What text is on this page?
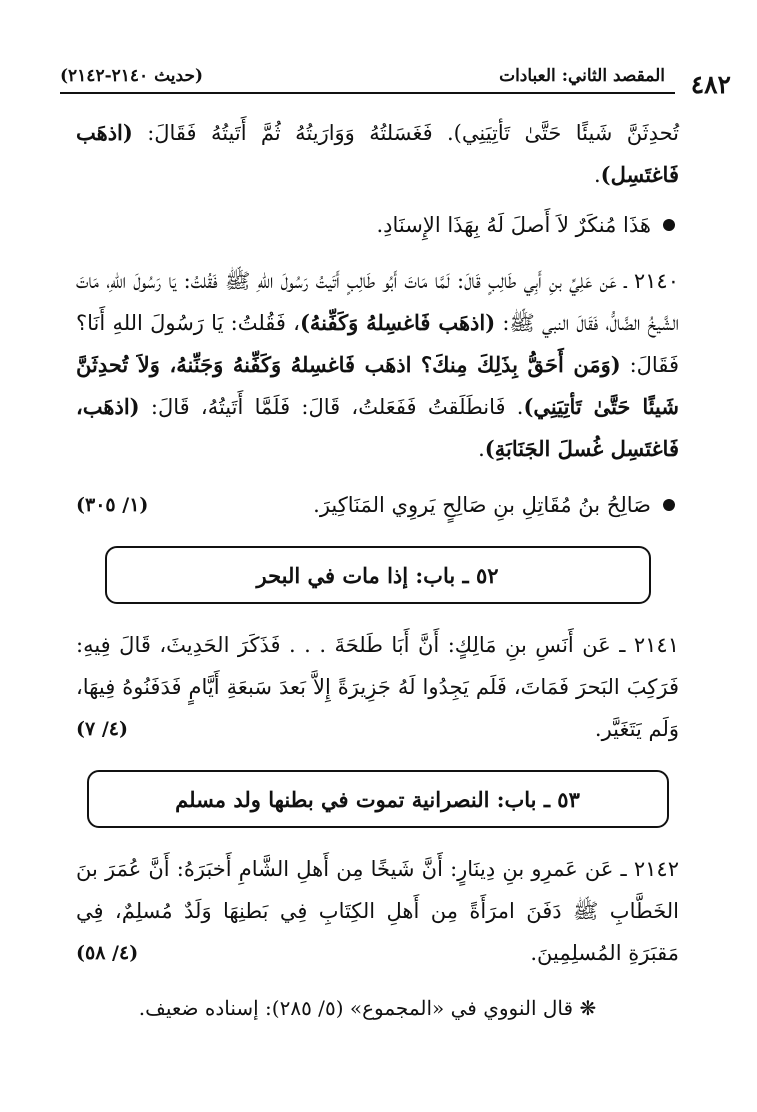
٤٨٢
المقصد الثاني: العبادات
(حديث ٢١٤٠-٢١٤٢)

تُحدِثَنَّ شَيئًا حَتَّىٰ تَأتِيَنِي). فَغَسَلتُهُ وَوَارَيتُهُ ثُمَّ أَتَيتُهُ فَقَالَ: (اذهَب فَاغتَسِل).

هَذَا مُنكَرٌ لاَ أَصلَ لَهُ بِهَذَا الإِسنَادِ.

٢١٤٠ ـ عَن عَلِيِّ بنِ أَبِي طَالِبٍ قَالَ: لَمَّا مَاتَ أَبُو طَالِبٍ أَتَيتُ رَسُولَ اللهِ ﷺ فَقُلتُ: يَا رَسُولَ اللهِ، مَاتَ الشَّيخُ الضَّالُّ، فَقَالَ النبي ﷺ: (اذهَب فَاغسِلهُ وَكَفِّنهُ)، فَقُلتُ: يَا رَسُولَ اللهِ أَنَا؟ فَقَالَ: (وَمَن أَحَقُّ بِذَلِكَ مِنكَ؟ اذهَب فَاغسِلهُ وَكَفِّنهُ وَجَنِّنهُ، وَلاَ تُحدِثَنَّ شَيئًا حَتَّىٰ تَأتِيَنِي). فَانطَلَقتُ فَفَعَلتُ، قَالَ: فَلَمَّا أَتَيتُهُ، قَالَ: (اذهَب، فَاغتَسِل غُسلَ الجَنَابَةِ).

صَالِحُ بنُ مُقَاتِلِ بنِ صَالِحٍ يَروِي المَنَاكِيرَ.
(١/ ٣٠٥)

٥٢ ـ باب: إذا مات في البحر

٢١٤١ ـ عَن أَنَسِ بنِ مَالِكٍ: أَنَّ أَبَا طَلحَةَ . . . فَذَكَرَ الحَدِيثَ، قَالَ فِيهِ: فَرَكِبَ البَحرَ فَمَاتَ، فَلَم يَجِدُوا لَهُ جَزِيرَةً إِلاَّ بَعدَ سَبعَةِ أَيَّامٍ فَدَفَنُوهُ فِيهَا، وَلَم يَتَغَيَّر.
(٤/ ٧)

٥٣ ـ باب: النصرانية تموت في بطنها ولد مسلم

٢١٤٢ ـ عَن عَمرِو بنِ دِينَارٍ: أَنَّ شَيخًا مِن أَهلِ الشَّامِ أَخبَرَهُ: أَنَّ عُمَرَ بنَ الخَطَّابِ ﷺ دَفَنَ امرَأَةً مِن أَهلِ الكِتَابِ فِي بَطنِهَا وَلَدٌ مُسلِمٌ، فِي مَقبَرَةِ المُسلِمِينَ.
(٤/ ٥٨)

❋ قال النووي في «المجموع» (٥/ ٢٨٥): إسناده ضعيف.
